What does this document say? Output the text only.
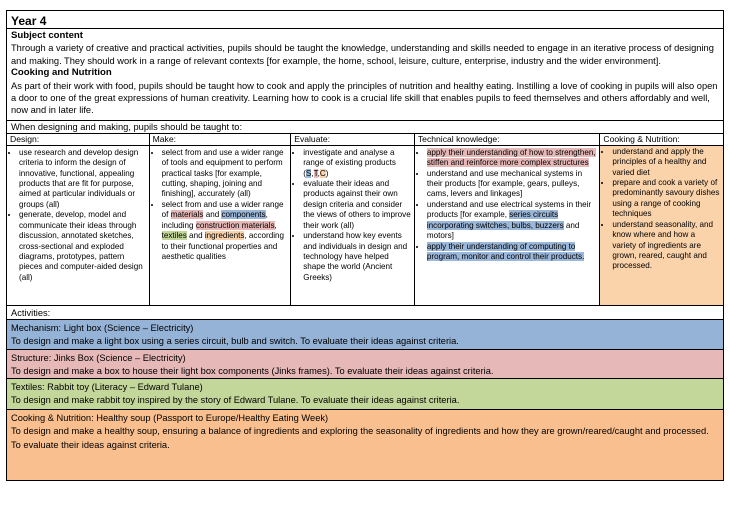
Year 4
Subject content

Through a variety of creative and practical activities, pupils should be taught the knowledge, understanding and skills needed to engage in an iterative process of designing and making. They should work in a range of relevant contexts [for example, the home, school, leisure, culture, enterprise, industry and the wider environment].

Cooking and Nutrition

As part of their work with food, pupils should be taught how to cook and apply the principles of nutrition and healthy eating. Instilling a love of cooking in pupils will also open a door to one of the great expressions of human creativity. Learning how to cook is a crucial life skill that enables pupils to feed themselves and others affordably and well, now and in later life.

When designing and making, pupils should be taught to:
Design:
• use research and develop design criteria to inform the design of innovative, functional, appealing products that are fit for purpose, aimed at particular individuals or groups (all)
• generate, develop, model and communicate their ideas through discussion, annotated sketches, cross-sectional and exploded diagrams, prototypes, pattern pieces and computer-aided design (all)
Make:
• select from and use a wider range of tools and equipment to perform practical tasks [for example, cutting, shaping, joining and finishing], accurately (all)
• select from and use a wider range of materials and components, including construction materials, textiles and ingredients, according to their functional properties and aesthetic qualities
Evaluate:
• investigate and analyse a range of existing products (S,T,C)
• evaluate their ideas and products against their own design criteria and consider the views of others to improve their work (all)
• understand how key events and individuals in design and technology have helped shape the world (Ancient Greeks)
Technical knowledge:
• apply their understanding of how to strengthen, stiffen and reinforce more complex structures
• understand and use mechanical systems in their products [for example, gears, pulleys, cams, levers and linkages]
• understand and use electrical systems in their products [for example, series circuits incorporating switches, bulbs, buzzers and motors]
• apply their understanding of computing to program, monitor and control their products.
Cooking & Nutrition:
• understand and apply the principles of a healthy and varied diet
• prepare and cook a variety of predominantly savoury dishes using a range of cooking techniques
• understand seasonality, and know where and how a variety of ingredients are grown, reared, caught and processed.
Activities:

Mechanism: Light box (Science – Electricity)

To design and make a light box using a series circuit, bulb and switch. To evaluate their ideas against criteria.

Structure: Jinks Box (Science – Electricity)

To design and make a box to house their light box components (Jinks frames). To evaluate their ideas against criteria.

Textiles: Rabbit toy (Literacy – Edward Tulane)

To design and make rabbit toy inspired by the story of Edward Tulane. To evaluate their ideas against criteria.

Cooking & Nutrition: Healthy soup (Passport to Europe/Healthy Eating Week)

To design and make a healthy soup, ensuring a balance of ingredients and exploring the seasonality of ingredients and how they are grown/reared/caught and processed. To evaluate their ideas against criteria.
